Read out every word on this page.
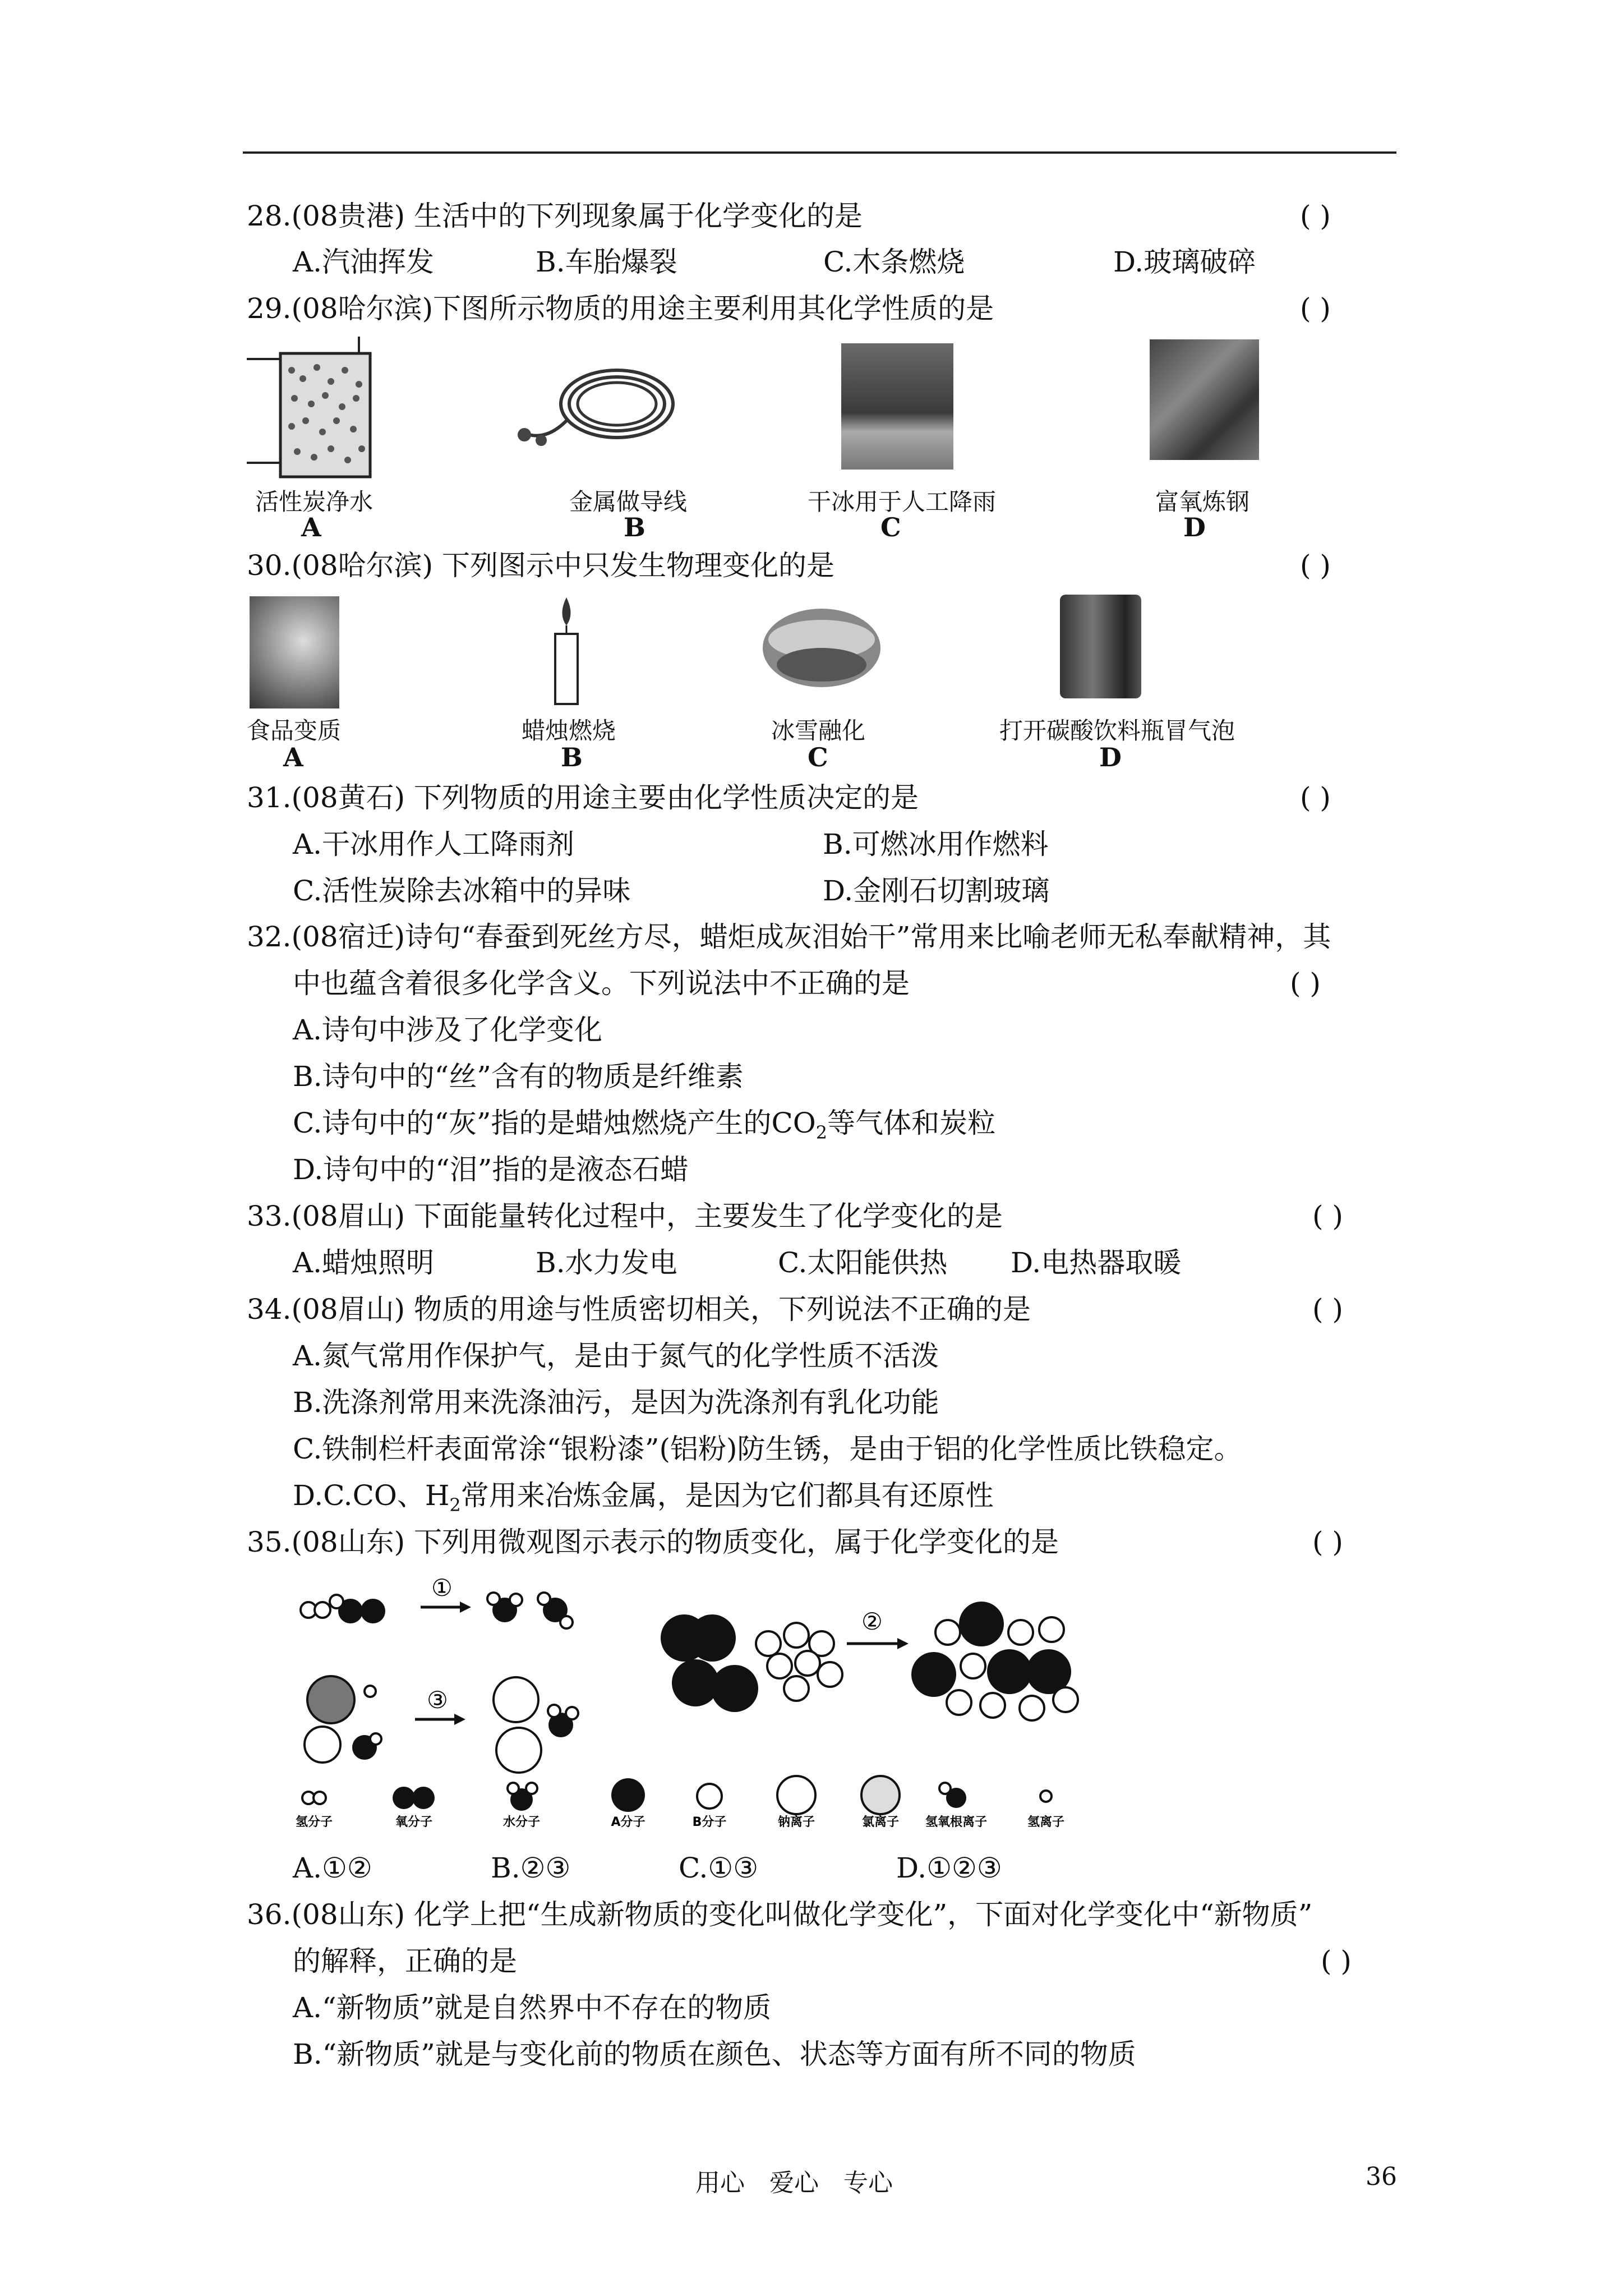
28.(08贵港) 生活中的下列现象属于化学变化的是	( )
A.汽油挥发	B.车胎爆裂	C.木条燃烧	D.玻璃破碎
29.(08哈尔滨)下图所示物质的用途主要利用其化学性质的是	( )
活性炭净水	金属做导线	干冰用于人工降雨	富氧炼钢
A	B	C	D
30.(08哈尔滨) 下列图示中只发生物理变化的是	( )
食品变质	蜡烛燃烧	冰雪融化	打开碳酸饮料瓶冒气泡
A	B	C	D
31.(08黄石) 下列物质的用途主要由化学性质决定的是	( )
A.干冰用作人工降雨剂	B.可燃冰用作燃料
C.活性炭除去冰箱中的异味	D.金刚石切割玻璃
32.(08宿迁)诗句“春蚕到死丝方尽，蜡炬成灰泪始干”常用来比喻老师无私奉献精神，其
中也蕴含着很多化学含义。下列说法中不正确的是	( )
A.诗句中涉及了化学变化
B.诗句中的“丝”含有的物质是纤维素
C.诗句中的“灰”指的是蜡烛燃烧产生的$CO_2$等气体和炭粒
D.诗句中的“泪”指的是液态石蜡
33.(08眉山) 下面能量转化过程中，主要发生了化学变化的是	( )
A.蜡烛照明	B.水力发电	C.太阳能供热 D.电热器取暖
34.(08眉山) 物质的用途与性质密切相关，下列说法不正确的是	( )
A.氮气常用作保护气，是由于氮气的化学性质不活泼
B.洗涤剂常用来洗涤油污，是因为洗涤剂有乳化功能
C.铁制栏杆表面常涂“银粉漆”(铝粉)防生锈，是由于铝的化学性质比铁稳定。
D.C.CO、$H_2$常用来冶炼金属，是因为它们都具有还原性
35.(08山东) 下列用微观图示表示的物质变化，属于化学变化的是	( )
①
③
②
氢分子	氧分子	水分子	A分子	B分子	钠离子	氯离子 氢氧根离子	氢离子
A.①②	B.②③	C.①③	D.①②③
36.(08山东) 化学上把“生成新物质的变化叫做化学变化”，下面对化学变化中“新物质”
的解释，正确的是	( )
A.“新物质”就是自然界中不存在的物质
B.“新物质”就是与变化前的物质在颜色、状态等方面有所不同的物质
用心　爱心　专心	36
